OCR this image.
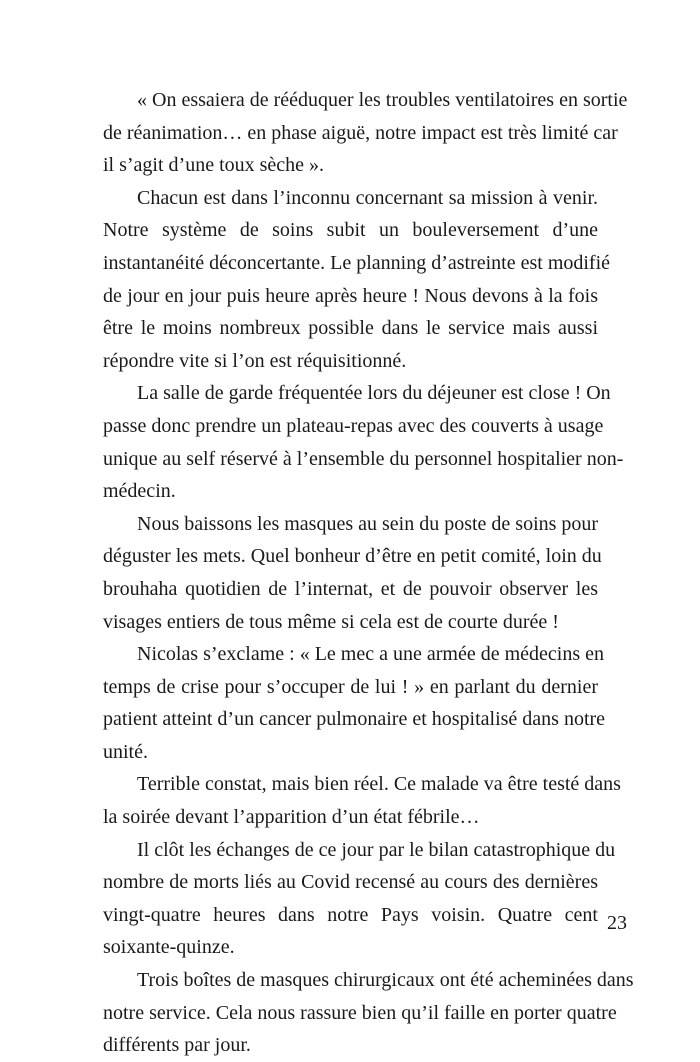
« On essaiera de rééduquer les troubles ventilatoires en sortie
de réanimation… en phase aiguë, notre impact est très limité car
il s’agit d’une toux sèche ».
Chacun est dans l’inconnu concernant sa mission à venir.
Notre système de soins subit un bouleversement d’une
instantanéité déconcertante. Le planning d’astreinte est modifié
de jour en jour puis heure après heure ! Nous devons à la fois
être le moins nombreux possible dans le service mais aussi
répondre vite si l’on est réquisitionné.
La salle de garde fréquentée lors du déjeuner est close ! On
passe donc prendre un plateau-repas avec des couverts à usage
unique au self réservé à l’ensemble du personnel hospitalier non-
médecin.
Nous baissons les masques au sein du poste de soins pour
déguster les mets. Quel bonheur d’être en petit comité, loin du
brouhaha quotidien de l’internat, et de pouvoir observer les
visages entiers de tous même si cela est de courte durée !
Nicolas s’exclame : « Le mec a une armée de médecins en
temps de crise pour s’occuper de lui ! » en parlant du dernier
patient atteint d’un cancer pulmonaire et hospitalisé dans notre
unité.
Terrible constat, mais bien réel. Ce malade va être testé dans
la soirée devant l’apparition d’un état fébrile…
Il clôt les échanges de ce jour par le bilan catastrophique du
nombre de morts liés au Covid recensé au cours des dernières
vingt-quatre heures dans notre Pays voisin. Quatre cent
soixante-quinze.
Trois boîtes de masques chirurgicaux ont été acheminées dans
notre service. Cela nous rassure bien qu’il faille en porter quatre
différents par jour.
23
